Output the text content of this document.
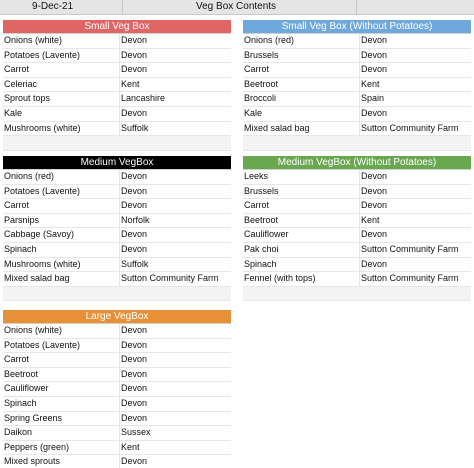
9-Dec-21	Veg Box Contents
Small Veg Box
Onions (white)	Devon
Potatoes (Lavente)	Devon
Carrot	Devon
Celeriac	Kent
Sprout tops	Lancashire
Kale	Devon
Mushrooms (white)	Suffolk
Small Veg Box (Without Potatoes)
Onions (red)	Devon
Brussels	Devon
Carrot	Devon
Beetroot	Kent
Broccoli	Spain
Kale	Devon
Mixed salad bag	Sutton Community Farm
Medium VegBox
Onions (red)	Devon
Potatoes (Lavente)	Devon
Carrot	Devon
Parsnips	Norfolk
Cabbage (Savoy)	Devon
Spinach	Devon
Mushrooms (white)	Suffolk
Mixed salad bag	Sutton Community Farm
Medium VegBox (Without Potatoes)
Leeks	Devon
Brussels	Devon
Carrot	Devon
Beetroot	Kent
Cauliflower	Devon
Pak choi	Sutton Community Farm
Spinach	Devon
Fennel (with tops)	Sutton Community Farm
Large VegBox
Onions (white)	Devon
Potatoes (Lavente)	Devon
Carrot	Devon
Beetroot	Devon
Cauliflower	Devon
Spinach	Devon
Spring Greens	Devon
Daikon	Sussex
Peppers (green)	Kent
Mixed sprouts	Devon
